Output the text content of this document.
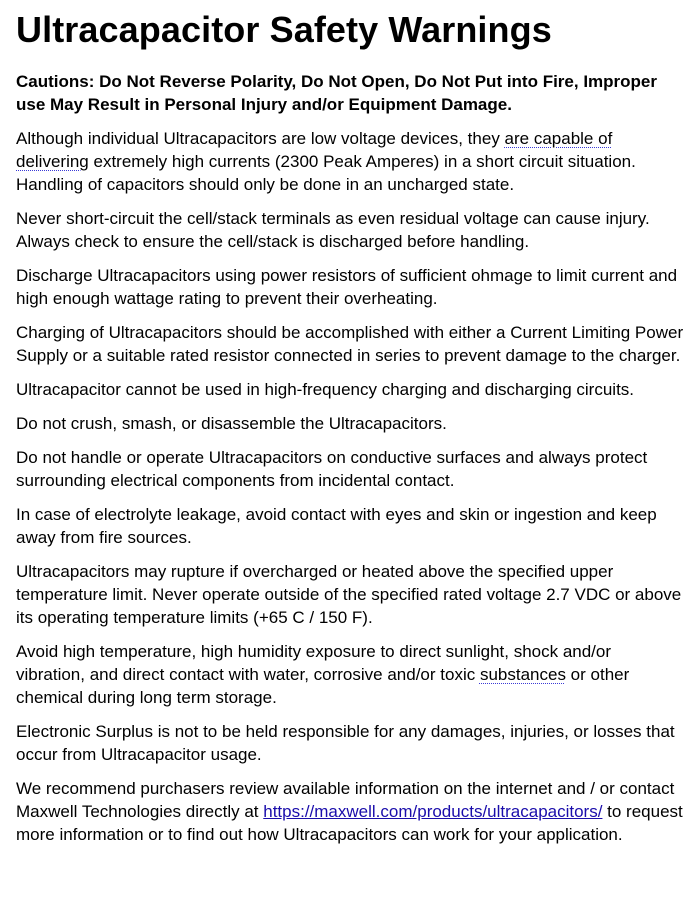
Ultracapacitor Safety Warnings
Cautions: Do Not Reverse Polarity, Do Not Open, Do Not Put into Fire, Improper use May Result in Personal Injury and/or Equipment Damage.

Although individual Ultracapacitors are low voltage devices, they are capable of delivering extremely high currents (2300 Peak Amperes) in a short circuit situation. Handling of capacitors should only be done in an uncharged state.

Never short-circuit the cell/stack terminals as even residual voltage can cause injury. Always check to ensure the cell/stack is discharged before handling.

Discharge Ultracapacitors using power resistors of sufficient ohmage to limit current and high enough wattage rating to prevent their overheating.

Charging of Ultracapacitors should be accomplished with either a Current Limiting Power Supply or a suitable rated resistor connected in series to prevent damage to the charger.

Ultracapacitor cannot be used in high-frequency charging and discharging circuits.

Do not crush, smash, or disassemble the Ultracapacitors.

Do not handle or operate Ultracapacitors on conductive surfaces and always protect surrounding electrical components from incidental contact.

In case of electrolyte leakage, avoid contact with eyes and skin or ingestion and keep away from fire sources.

Ultracapacitors may rupture if overcharged or heated above the specified upper temperature limit. Never operate outside of the specified rated voltage 2.7 VDC or above its operating temperature limits (+65 C / 150 F).

Avoid high temperature, high humidity exposure to direct sunlight, shock and/or vibration, and direct contact with water, corrosive and/or toxic substances or other chemical during long term storage.

Electronic Surplus is not to be held responsible for any damages, injuries, or losses that occur from Ultracapacitor usage.

We recommend purchasers review available information on the internet and / or contact Maxwell Technologies directly at https://maxwell.com/products/ultracapacitors/ to request more information or to find out how Ultracapacitors can work for your application.
